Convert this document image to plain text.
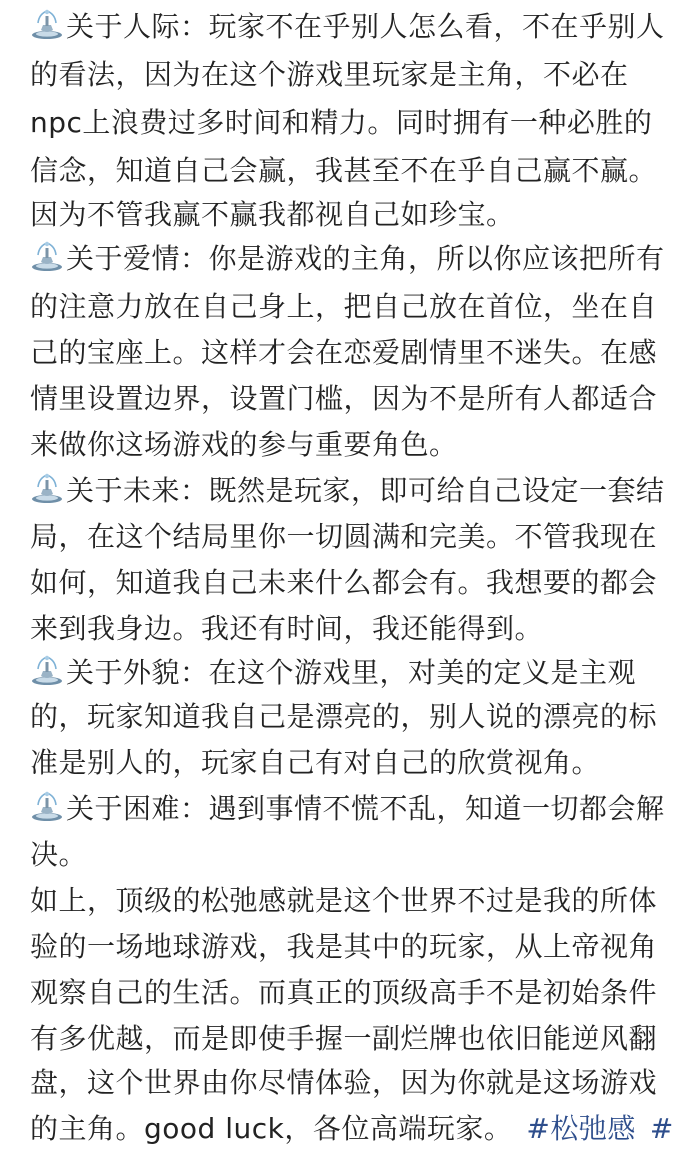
关于人际：玩家不在乎别人怎么看，不在乎别人
的看法，因为在这个游戏里玩家是主角，不必在
npc上浪费过多时间和精力。同时拥有一种必胜的
信念，知道自己会赢，我甚至不在乎自己赢不赢。
因为不管我赢不赢我都视自己如珍宝。
关于爱情：你是游戏的主角，所以你应该把所有
的注意力放在自己身上，把自己放在首位，坐在自
己的宝座上。这样才会在恋爱剧情里不迷失。在感
情里设置边界，设置门槛，因为不是所有人都适合
来做你这场游戏的参与重要角色。
关于未来：既然是玩家，即可给自己设定一套结
局，在这个结局里你一切圆满和完美。不管我现在
如何，知道我自己未来什么都会有。我想要的都会
来到我身边。我还有时间，我还能得到。
关于外貌：在这个游戏里，对美的定义是主观
的，玩家知道我自己是漂亮的，别人说的漂亮的标
准是别人的，玩家自己有对自己的欣赏视角。
关于困难：遇到事情不慌不乱，知道一切都会解
决。
如上，顶级的松弛感就是这个世界不过是我的所体
验的一场地球游戏，我是其中的玩家，从上帝视角
观察自己的生活。而真正的顶级高手不是初始条件
有多优越，而是即使手握一副烂牌也依旧能逆风翻
盘，这个世界由你尽情体验，因为你就是这场游戏
的主角。good luck，各位高端玩家。 #松弛感 #
